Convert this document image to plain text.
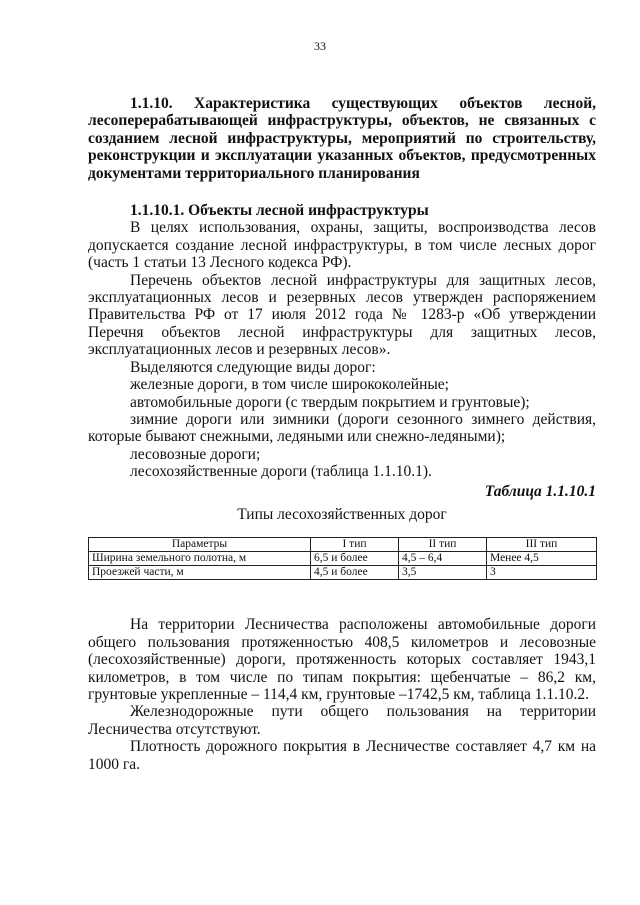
33

1.1.10. Характеристика существующих объектов лесной, лесоперерабатывающей инфраструктуры, объектов, не связанных с созданием лесной инфраструктуры, мероприятий по строительству, реконструкции и эксплуатации указанных объектов, предусмотренных документами территориального планирования

1.1.10.1. Объекты лесной инфраструктуры

В целях использования, охраны, защиты, воспроизводства лесов допускается создание лесной инфраструктуры, в том числе лесных дорог (часть 1 статьи 13 Лесного кодекса РФ).

Перечень объектов лесной инфраструктуры для защитных лесов, эксплуатационных лесов и резервных лесов утвержден распоряжением Правительства РФ от 17 июля 2012 года № 1283-р «Об утверждении Перечня объектов лесной инфраструктуры для защитных лесов, эксплуатационных лесов и резервных лесов».

Выделяются следующие виды дорог:

железные дороги, в том числе ширококолейные;

автомобильные дороги (с твердым покрытием и грунтовые);

зимние дороги или зимники (дороги сезонного зимнего действия, которые бывают снежными, ледяными или снежно-ледяными);

лесовозные дороги;

лесохозяйственные дороги (таблица 1.1.10.1).

Таблица 1.1.10.1

Типы лесохозяйственных дорог

Параметры	I тип	II тип	III тип
Ширина земельного полотна, м	6,5 и более	4,5 – 6,4	Менее 4,5
Проезжей части, м	4,5 и более	3,5	3

На территории Лесничества расположены автомобильные дороги общего пользования протяженностью 408,5 километров и лесовозные (лесохозяйственные) дороги, протяженность которых составляет 1943,1 километров, в том числе по типам покрытия: щебенчатые – 86,2 км, грунтовые укрепленные – 114,4 км, грунтовые –1742,5 км, таблица 1.1.10.2.

Железнодорожные пути общего пользования на территории Лесничества отсутствуют.

Плотность дорожного покрытия в Лесничестве составляет 4,7 км на 1000 га.
